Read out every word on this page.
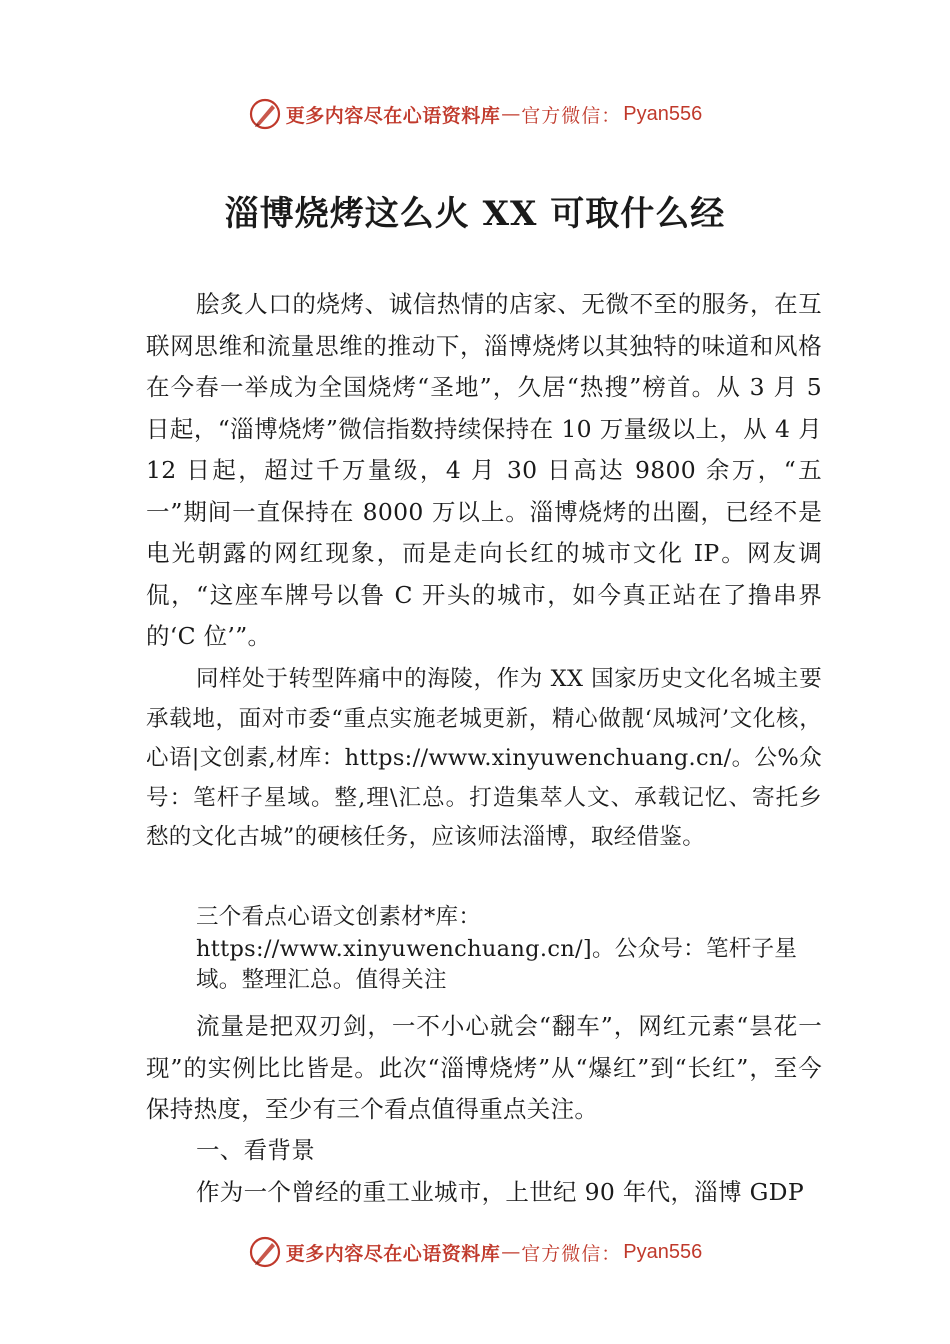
更多内容尽在心语资料库 — 官方微信： Pyan556
淄博烧烤这么火 XX 可取什么经

脍炙人口的烧烤、诚信热情的店家、无微不至的服务，在互联网思维和流量思维的推动下，淄博烧烤以其独特的味道和风格在今春一举成为全国烧烤“圣地”，久居“热搜”榜首。从 3 月 5 日起，“淄博烧烤”微信指数持续保持在 10 万量级以上，从 4 月 12 日起，超过千万量级，4 月 30 日高达 9800 余万，“五一”期间一直保持在 8000 万以上。淄博烧烤的出圈，已经不是电光朝露的网红现象，而是走向长红的城市文化 IP。网友调侃，“这座车牌号以鲁 C 开头的城市，如今真正站在了撸串界的‘C 位’”。

同样处于转型阵痛中的海陵，作为 XX 国家历史文化名城主要承载地，面对市委“重点实施老城更新，精心做靓‘凤城河’文化核，心语|文创素,材库：https://www.xinyuwenchuang.cn/。公%众号：笔杆子星域。整,理\汇总。打造集萃人文、承载记忆、寄托乡愁的文化古城”的硬核任务，应该师法淄博，取经借鉴。

三个看点心语文创素材*库：https://www.xinyuwenchuang.cn/]。公众号：笔杆子星域。整理汇总。值得关注

流量是把双刃剑，一不小心就会“翻车”，网红元素“昙花一现”的实例比比皆是。此次“淄博烧烤”从“爆红”到“长红”，至今保持热度，至少有三个看点值得重点关注。

一、看背景

作为一个曾经的重工业城市，上世纪 90 年代，淄博 GDP

更多内容尽在心语资料库 — 官方微信： Pyan556
